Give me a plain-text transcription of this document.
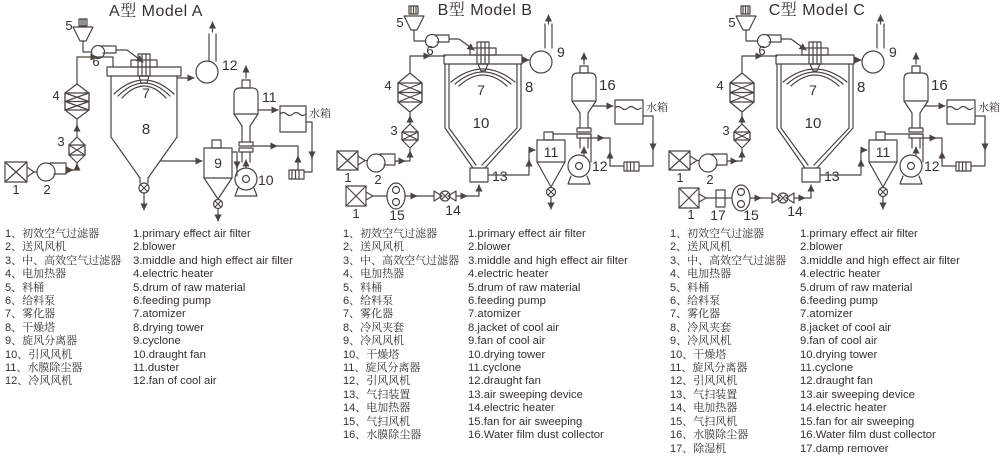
A型 Model A
5
6
1 2
3
4	7
8
12
9
10
11
水箱
B型 Model B
5
6
1 2
3
4	7	8
10
13
9
11
12
16
水箱
1 15	14
C型 Model C
5
6
1 2
3
4	7	8
10
13
9
11
12
16
水箱
1 17 15 14
1、初效空气过滤器
2、送风风机
3、中、高效空气过滤器
4、电加热器
5、料桶
6、给料泵
7、雾化器
8、干燥塔
9、旋风分离器
10、引风风机
11、水膜除尘器
12、冷风风机
1.primary effect air filter
2.blower
3.middle and high effect air filter
4.electric heater
5.drum of raw material
6.feeding pump
7.atomizer
8.drying tower
9.cyclone
10.draught fan
11.duster
12.fan of cool air
1、初效空气过滤器
2、送风风机
3、中、高效空气过滤器
4、电加热器
5、料桶
6、给料泵
7、雾化器
8、冷风夹套
9、冷风风机
10、干燥塔
11、旋风分离器
12、引风风机
13、气扫装置
14、电加热器
15、气扫风机
16、水膜除尘器
1.primary effect air filter
2.blower
3.middle and high effect air filter
4.electric heater
5.drum of raw material
6.feeding pump
7.atomizer
8.jacket of cool air
9.fan of cool air
10.drying tower
11.cyclone
12.draught fan
13.air sweeping device
14.electric heater
15.fan for air sweeping
16.Water film dust collector
1、初效空气过滤器
2、送风风机
3、中、高效空气过滤器
4、电加热器
5、料桶
6、给料泵
7、雾化器
8、冷风夹套
9、冷风风机
10、干燥塔
11、旋风分离器
12、引风风机
13、气扫装置
14、电加热器
15、气扫风机
16、水膜除尘器
17、除湿机
1.primary effect air filter
2.blower
3.middle and high effect air filter
4.electric heater
5.drum of raw material
6.feeding pump
7.atomizer
8.jacket of cool air
9.fan of cool air
10.drying tower
11.cyclone
12.draught fan
13.air sweeping device
14.electric heater
15.fan for air sweeping
16.Water film dust collector
17.damp remover
